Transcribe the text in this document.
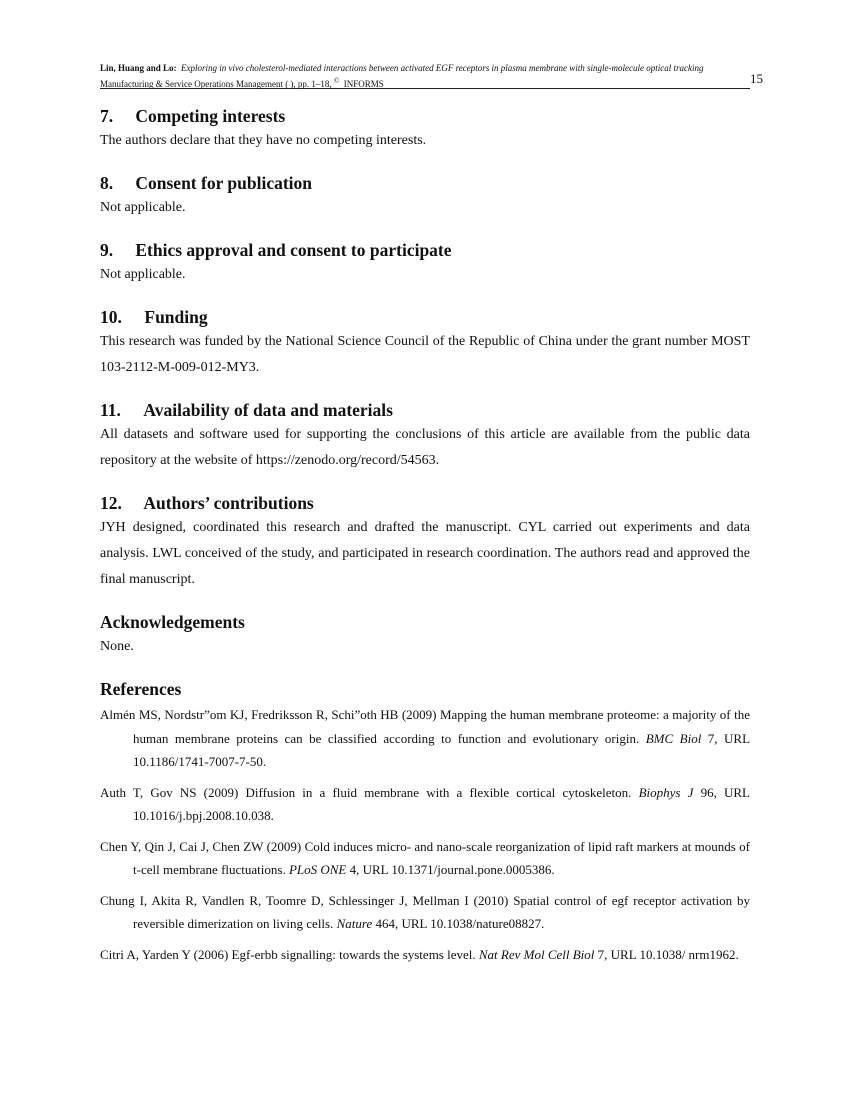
Lin, Huang and Lo: Exploring in vivo cholesterol-mediated interactions between activated EGF receptors in plasma membrane with single-molecule optical tracking
Manufacturing & Service Operations Management ( ), pp. 1–18, © INFORMS	15
7. Competing interests

The authors declare that they have no competing interests.

8. Consent for publication

Not applicable.

9. Ethics approval and consent to participate

Not applicable.

10. Funding

This research was funded by the National Science Council of the Republic of China under the grant number MOST 103-2112-M-009-012-MY3.

11. Availability of data and materials

All datasets and software used for supporting the conclusions of this article are available from the public data repository at the website of https://zenodo.org/record/54563.

12. Authors’ contributions

JYH designed, coordinated this research and drafted the manuscript. CYL carried out experiments and data analysis. LWL conceived of the study, and participated in research coordination. The authors read and approved the final manuscript.

Acknowledgements

None.

References
Almén MS, Nordstr”om KJ, Fredriksson R, Schi”oth HB (2009) Mapping the human membrane proteome: a majority of the human membrane proteins can be classified according to function and evolutionary origin. BMC Biol 7, URL 10.1186/1741-7007-7-50.
Auth T, Gov NS (2009) Diffusion in a fluid membrane with a flexible cortical cytoskeleton. Biophys J 96, URL 10.1016/j.bpj.2008.10.038.
Chen Y, Qin J, Cai J, Chen ZW (2009) Cold induces micro- and nano-scale reorganization of lipid raft markers at mounds of t-cell membrane fluctuations. PLoS ONE 4, URL 10.1371/journal.pone.0005386.
Chung I, Akita R, Vandlen R, Toomre D, Schlessinger J, Mellman I (2010) Spatial control of egf receptor activation by reversible dimerization on living cells. Nature 464, URL 10.1038/nature08827.
Citri A, Yarden Y (2006) Egf-erbb signalling: towards the systems level. Nat Rev Mol Cell Biol 7, URL 10.1038/ nrm1962.
